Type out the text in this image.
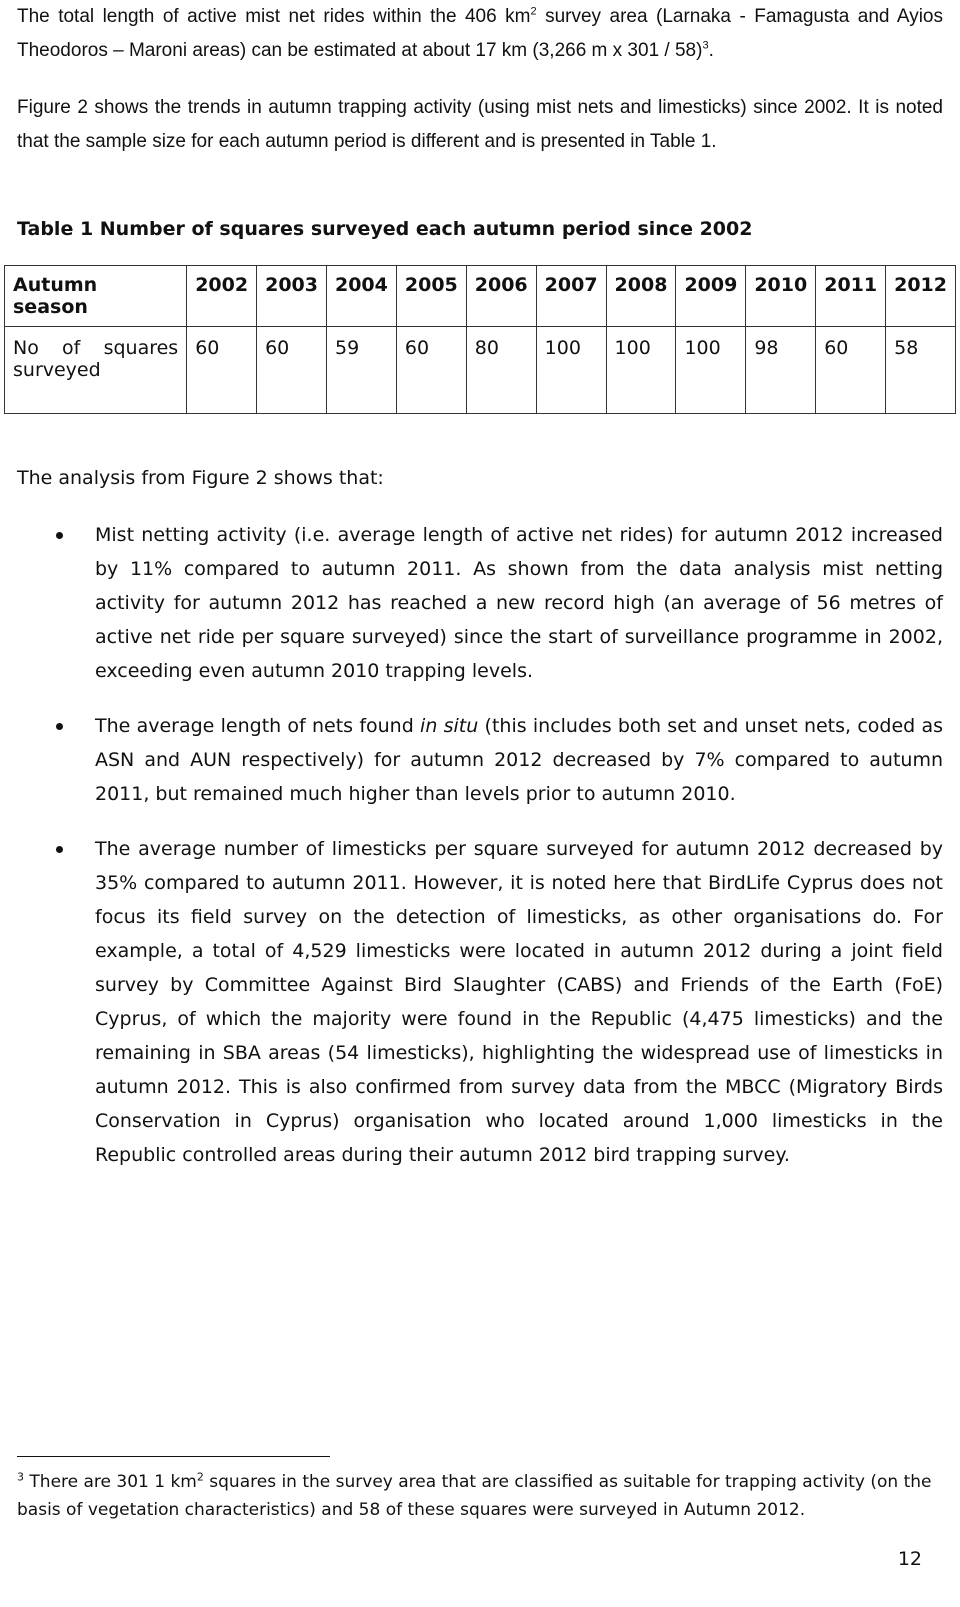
The total length of active mist net rides within the 406 $km^2$ survey area (Larnaka - Famagusta and Ayios Theodoros – Maroni areas) can be estimated at about 17 km (3,266 m x 301 / 58)$^3$.

Figure 2 shows the trends in autumn trapping activity (using mist nets and limesticks) since 2002. It is noted that the sample size for each autumn period is different and is presented in Table 1.

Table 1 Number of squares surveyed each autumn period since 2002
Autumn season	2002	2003	2004	2005	2006	2007	2008	2009	2010	2011	2012
No of squares surveyed	60	60	59	60	80	100	100	100	98	60	58

The analysis from Figure 2 shows that:

Mist netting activity (i.e. average length of active net rides) for autumn 2012 increased by 11% compared to autumn 2011. As shown from the data analysis mist netting activity for autumn 2012 has reached a new record high (an average of 56 metres of active net ride per square surveyed) since the start of surveillance programme in 2002, exceeding even autumn 2010 trapping levels.
The average length of nets found in situ (this includes both set and unset nets, coded as ASN and AUN respectively) for autumn 2012 decreased by 7% compared to autumn 2011, but remained much higher than levels prior to autumn 2010.
The average number of limesticks per square surveyed for autumn 2012 decreased by 35% compared to autumn 2011. However, it is noted here that BirdLife Cyprus does not focus its field survey on the detection of limesticks, as other organisations do. For example, a total of 4,529 limesticks were located in autumn 2012 during a joint field survey by Committee Against Bird Slaughter (CABS) and Friends of the Earth (FoE) Cyprus, of which the majority were found in the Republic (4,475 limesticks) and the remaining in SBA areas (54 limesticks), highlighting the widespread use of limesticks in autumn 2012. This is also confirmed from survey data from the MBCC (Migratory Birds Conservation in Cyprus) organisation who located around 1,000 limesticks in the Republic controlled areas during their autumn 2012 bird trapping survey.

$^3$ There are 301 1 $km^2$ squares in the survey area that are classified as suitable for trapping activity (on the basis of vegetation characteristics) and 58 of these squares were surveyed in Autumn 2012.

12
